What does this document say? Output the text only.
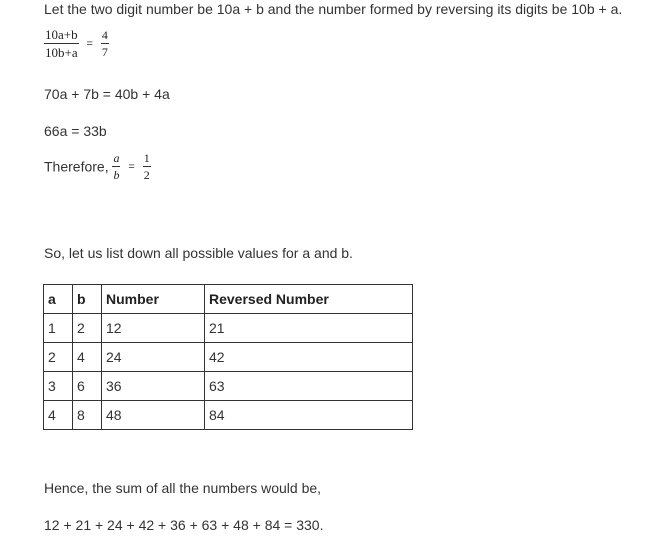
Let the two digit number be 10a + b and the number formed by reversing its digits be 10b + a.
$\frac{10a+b}{10b+a} = \frac{4}{7}$
70a + 7b = 40b + 4a
66a = 33b
Therefore, $\frac{a}{b} = \frac{1}{2}$
So, let us list down all possible values for a and b.
a	b	Number	Reversed Number
1	2	12	21
2	4	24	42
3	6	36	63
4	8	48	84
Hence, the sum of all the numbers would be,
12 + 21 + 24 + 42 + 36 + 63 + 48 + 84 = 330.
